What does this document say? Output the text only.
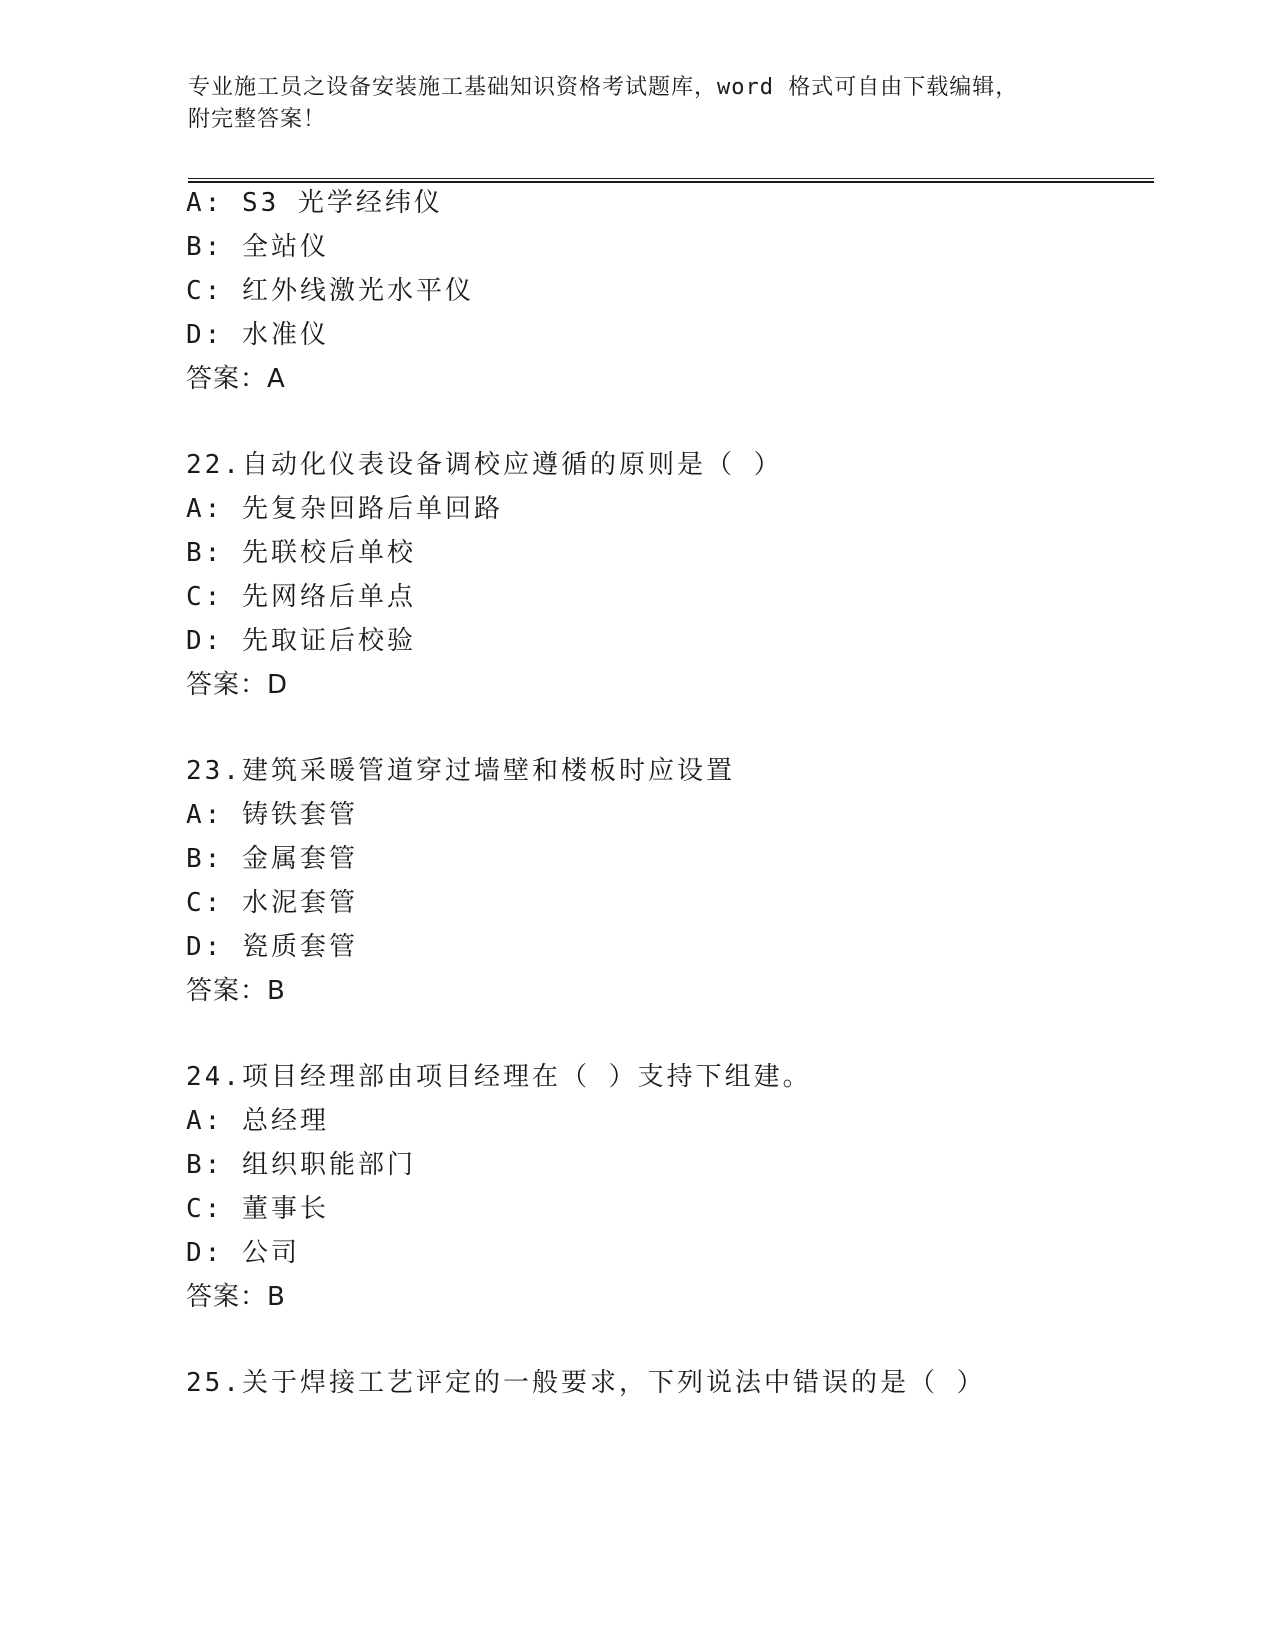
专业施工员之设备安装施工基础知识资格考试题库，word 格式可自由下载编辑，
附完整答案！
A: S3 光学经纬仪
B: 全站仪
C: 红外线激光水平仪
D: 水准仪
答案：A
22.自动化仪表设备调校应遵循的原则是（ ）
A: 先复杂回路后单回路
B: 先联校后单校
C: 先网络后单点
D: 先取证后校验
答案：D
23.建筑采暖管道穿过墙壁和楼板时应设置
A: 铸铁套管
B: 金属套管
C: 水泥套管
D: 瓷质套管
答案：B
24.项目经理部由项目经理在（ ）支持下组建。
A: 总经理
B: 组织职能部门
C: 董事长
D: 公司
答案：B
25.关于焊接工艺评定的一般要求，下列说法中错误的是（ ）
